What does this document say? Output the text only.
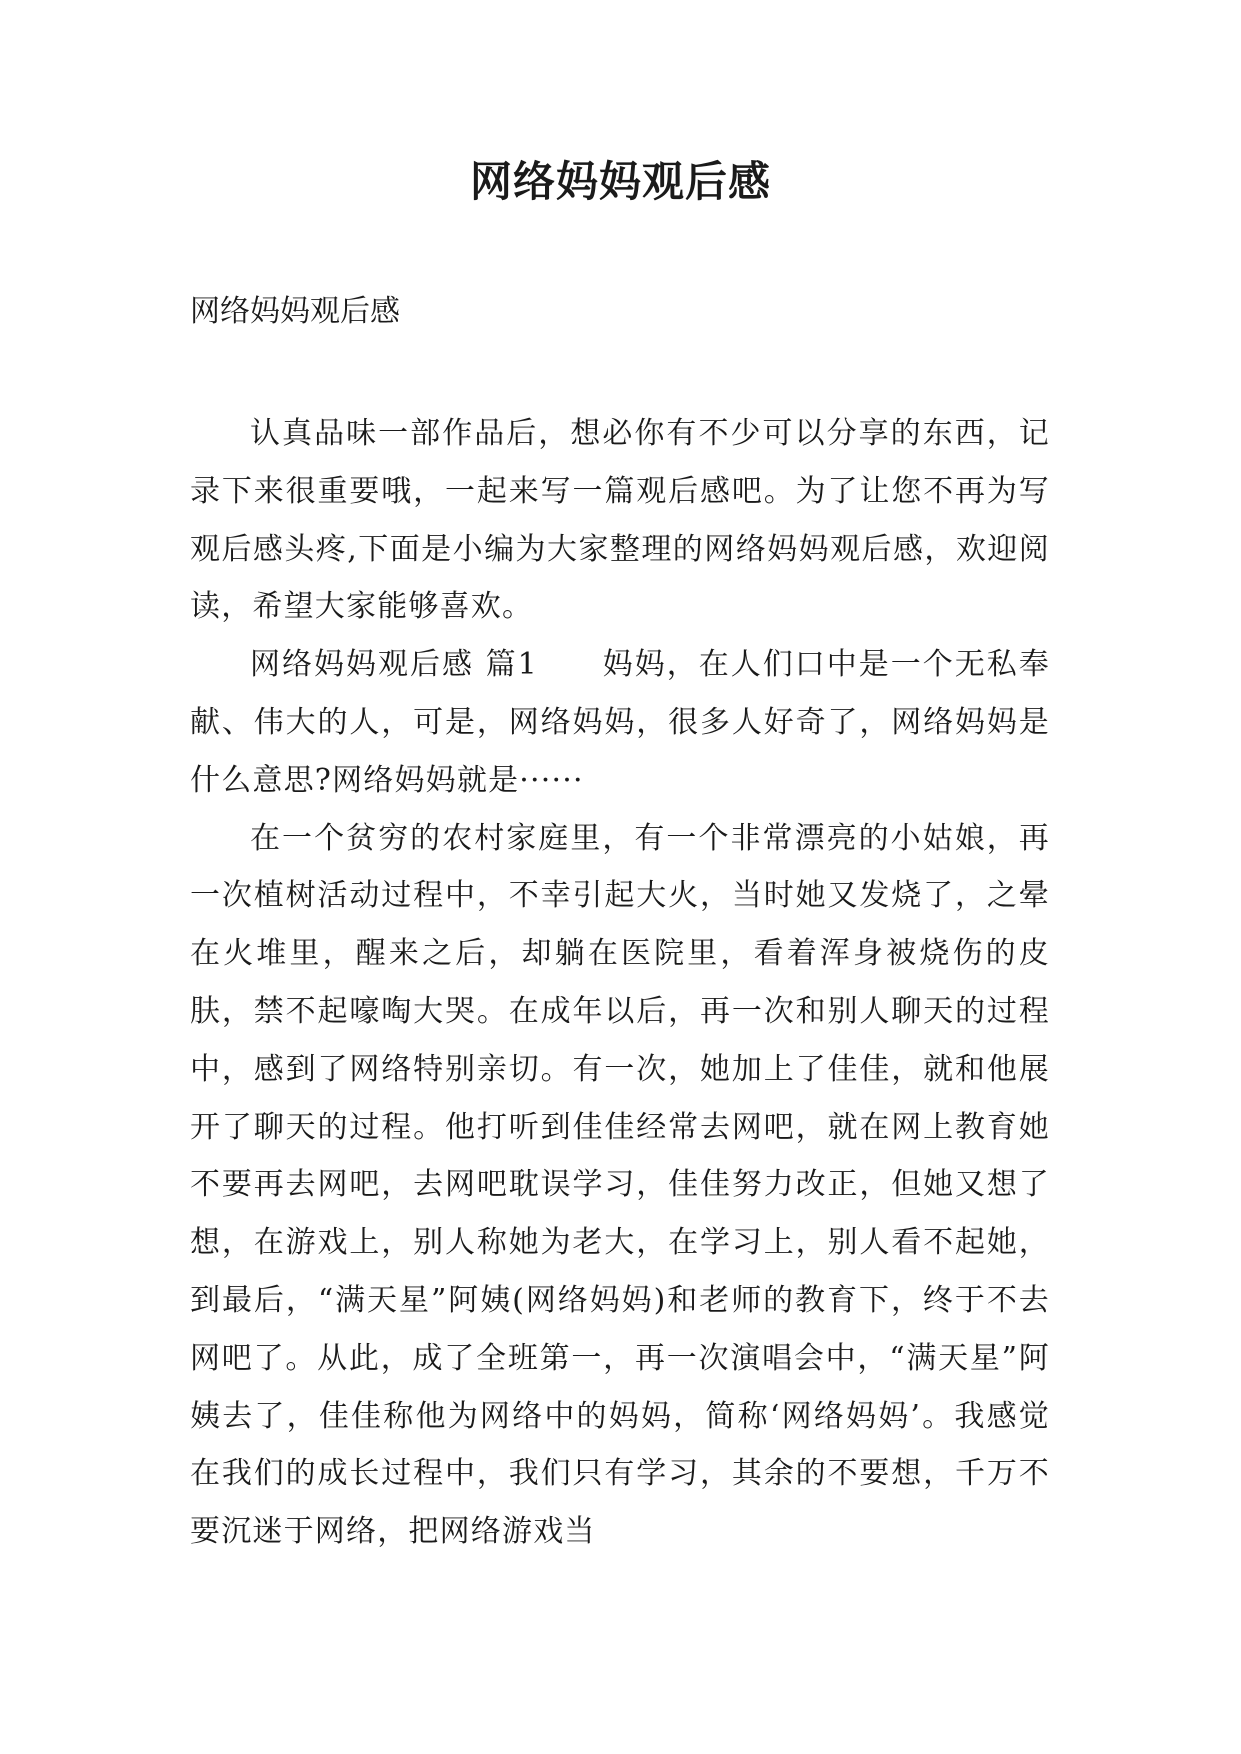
网络妈妈观后感
网络妈妈观后感

认真品味一部作品后，想必你有不少可以分享的东西，记录下来很重要哦，一起来写一篇观后感吧。为了让您不再为写观后感头疼,下面是小编为大家整理的网络妈妈观后感，欢迎阅读，希望大家能够喜欢。

网络妈妈观后感 篇1　　妈妈，在人们口中是一个无私奉献、伟大的人，可是，网络妈妈，很多人好奇了，网络妈妈是什么意思?网络妈妈就是······

在一个贫穷的农村家庭里，有一个非常漂亮的小姑娘，再一次植树活动过程中，不幸引起大火，当时她又发烧了，之晕在火堆里，醒来之后，却躺在医院里，看着浑身被烧伤的皮肤，禁不起嚎啕大哭。在成年以后，再一次和别人聊天的过程中，感到了网络特别亲切。有一次，她加上了佳佳，就和他展开了聊天的过程。他打听到佳佳经常去网吧，就在网上教育她不要再去网吧，去网吧耽误学习，佳佳努力改正，但她又想了想，在游戏上，别人称她为老大，在学习上，别人看不起她，到最后，“满天星”阿姨(网络妈妈)和老师的教育下，终于不去网吧了。从此，成了全班第一，再一次演唱会中，“满天星”阿姨去了，佳佳称他为网络中的妈妈，简称‘网络妈妈’。我感觉在我们的成长过程中，我们只有学习，其余的不要想，千万不要沉迷于网络，把网络游戏当
